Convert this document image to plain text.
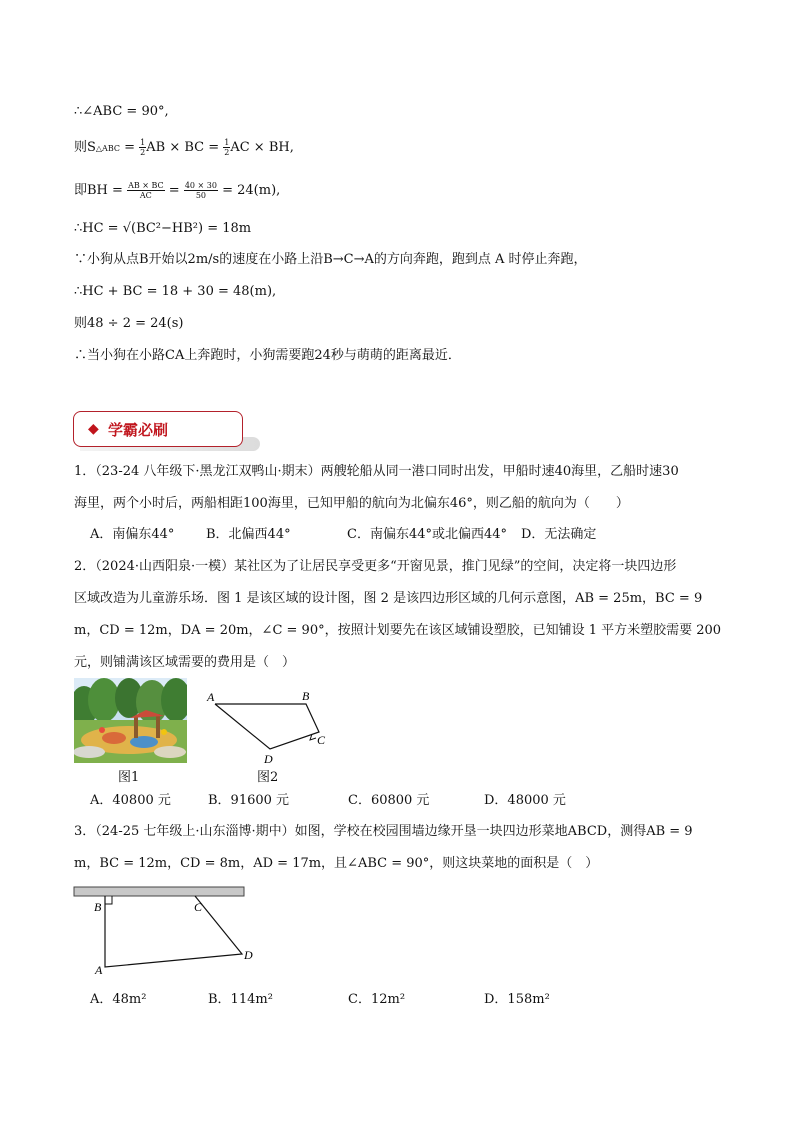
∴∠ABC = 90°,
则S△ABC = $\frac{1}{2}$ AB × BC = $\frac{1}{2}$ AC × BH,
即BH = $\frac{AB \times BC}{AC} = \frac{40 \times 30}{50} = 24(m)$,
∴HC = √(BC²−HB²) = 18m
∵小狗从点B开始以2m/s的速度在小路上沿B→C→A的方向奔跑，跑到点 A 时停止奔跑，
∴HC + BC = 18 + 30 = 48(m),
则48 ÷ 2 = 24(s)
∴当小狗在小路CA上奔跑时，小狗需要跑24秒与萌萌的距离最近．
◆ 学霸必刷
1．（23-24 八年级下·黑龙江双鸭山·期末）两艘轮船从同一港口同时出发，甲船时速40海里，乙船时速30
海里，两个小时后，两船相距100海里，已知甲船的航向为北偏东46°，则乙船的航向为（　　）
A．南偏东44° B．北偏西44°	C．南偏东44°或北偏西44° D．无法确定
2．（2024·山西阳泉·一模）某社区为了让居民享受更多“开窗见景，推门见绿”的空间，决定将一块四边形
区域改造为儿童游乐场．图 1 是该区域的设计图，图 2 是该四边形区域的几何示意图，AB = 25m，BC = 9
m，CD = 12m，DA = 20m，∠C = 90°，按照计划要先在该区域铺设塑胶，已知铺设 1 平方米塑胶需要 200
元，则铺满该区域需要的费用是（　）
图1
A	B
C
D
图2
A．40800 元	B．91600 元	C．60800 元	D．48000 元
3．（24-25 七年级上·山东淄博·期中）如图，学校在校园围墙边缘开垦一块四边形菜地ABCD，测得AB = 9
m，BC = 12m，CD = 8m，AD = 17m，且∠ABC = 90°，则这块菜地的面积是（　）
B	C
A
D
A．48m²	B．114m²	C．12m²	D．158m²
